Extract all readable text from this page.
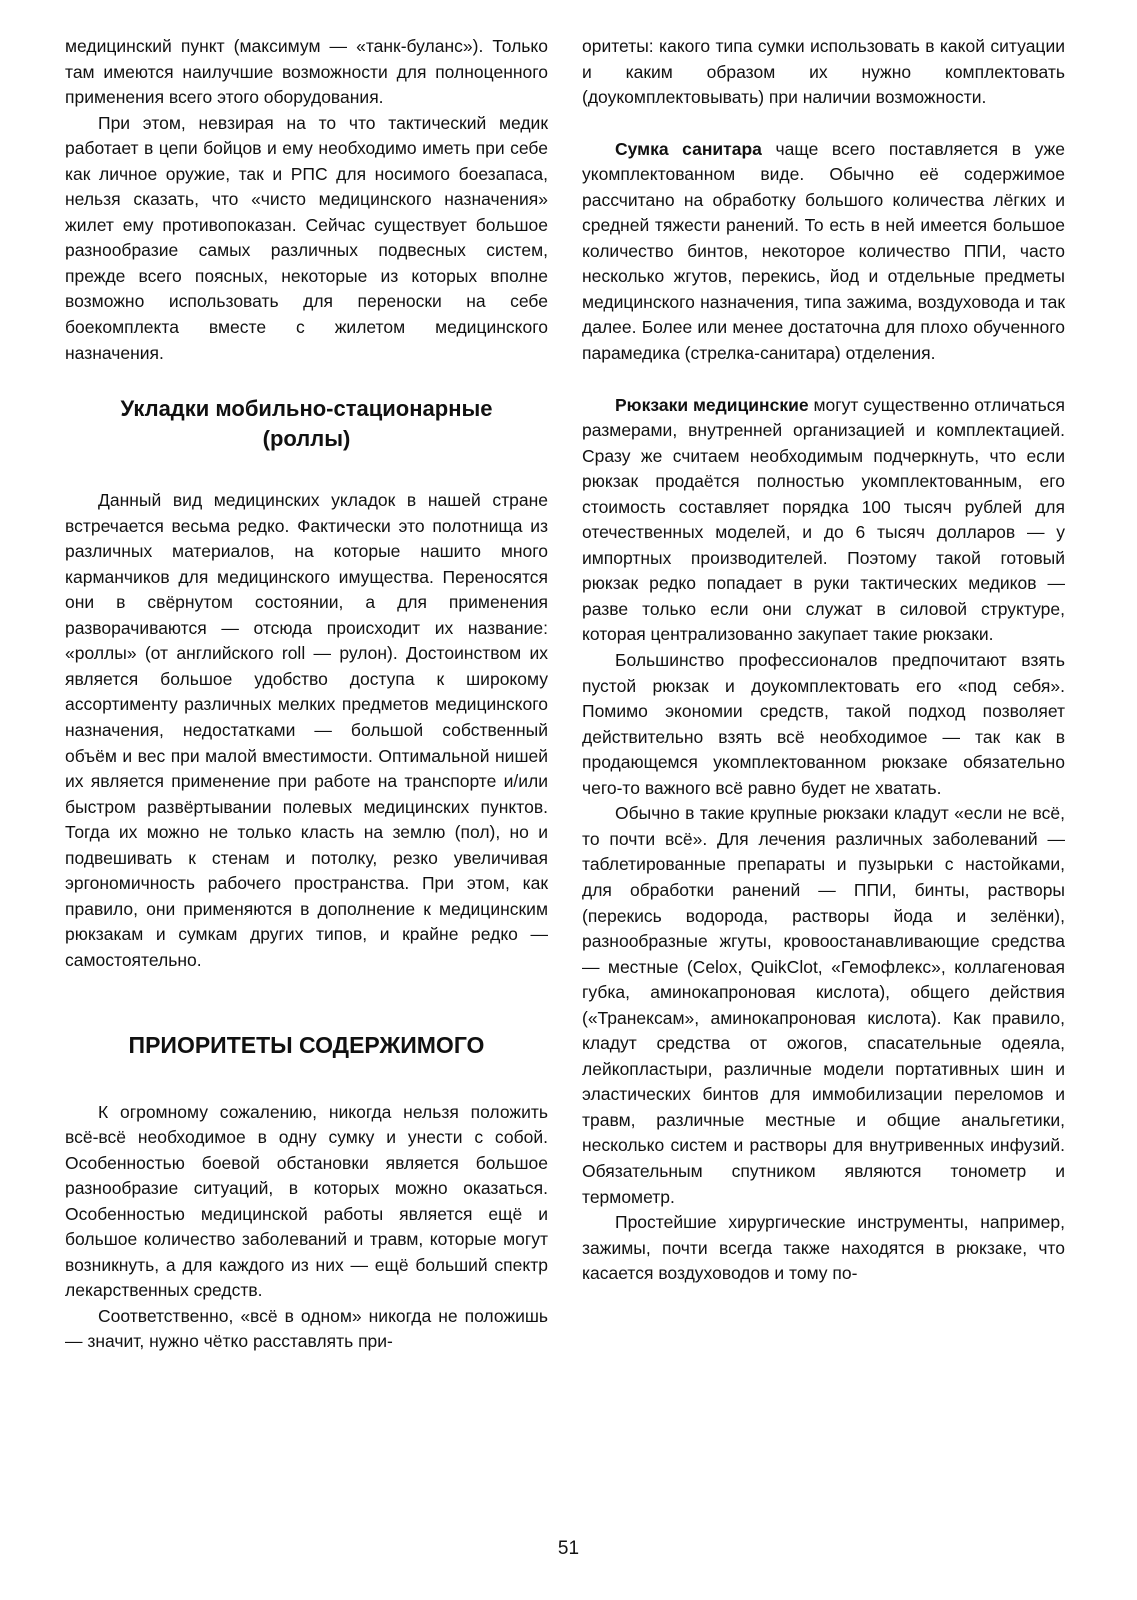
медицинский пункт (максимум — «танк-буланс»). Только там имеются наилучшие возможности для полноценного применения всего этого оборудования.

При этом, невзирая на то что тактический медик работает в цепи бойцов и ему необходимо иметь при себе как личное оружие, так и РПС для носимого боезапаса, нельзя сказать, что «чисто медицинского назначения» жилет ему противопоказан. Сейчас существует большое разнообразие самых различных подвесных систем, прежде всего поясных, некоторые из которых вполне возможно использовать для переноски на себе боекомплекта вместе с жилетом медицинского назначения.

Укладки мобильно-стационарные
(роллы)

Данный вид медицинских укладок в нашей стране встречается весьма редко. Фактически это полотнища из различных материалов, на которые нашито много карманчиков для медицинского имущества. Переносятся они в свёрнутом состоянии, а для применения разворачиваются — отсюда происходит их название: «роллы» (от английского roll — рулон). Достоинством их является большое удобство доступа к широкому ассортименту различных мелких предметов медицинского назначения, недостатками — большой собственный объём и вес при малой вместимости. Оптимальной нишей их является применение при работе на транспорте и/или быстром развёртывании полевых медицинских пунктов. Тогда их можно не только класть на землю (пол), но и подвешивать к стенам и потолку, резко увеличивая эргономичность рабочего пространства. При этом, как правило, они применяются в дополнение к медицинским рюкзакам и сумкам других типов, и крайне редко — самостоятельно.

ПРИОРИТЕТЫ СОДЕРЖИМОГО

К огромному сожалению, никогда нельзя положить всё-всё необходимое в одну сумку и унести с собой. Особенностью боевой обстановки является большое разнообразие ситуаций, в которых можно оказаться. Особенностью медицинской работы является ещё и большое количество заболеваний и травм, которые могут возникнуть, а для каждого из них — ещё больший спектр лекарственных средств.

Соответственно, «всё в одном» никогда не положишь — значит, нужно чётко расставлять при-

оритеты: какого типа сумки использовать в какой ситуации и каким образом их нужно комплектовать (доукомплектовывать) при наличии возможности.

Сумка санитара чаще всего поставляется в уже укомплектованном виде. Обычно её содержимое рассчитано на обработку большого количества лёгких и средней тяжести ранений. То есть в ней имеется большое количество бинтов, некоторое количество ППИ, часто несколько жгутов, перекись, йод и отдельные предметы медицинского назначения, типа зажима, воздуховода и так далее. Более или менее достаточна для плохо обученного парамедика (стрелка-санитара) отделения.

Рюкзаки медицинские могут существенно отличаться размерами, внутренней организацией и комплектацией. Сразу же считаем необходимым подчеркнуть, что если рюкзак продаётся полностью укомплектованным, его стоимость составляет порядка 100 тысяч рублей для отечественных моделей, и до 6 тысяч долларов — у импортных производителей. Поэтому такой готовый рюкзак редко попадает в руки тактических медиков — разве только если они служат в силовой структуре, которая централизованно закупает такие рюкзаки.

Большинство профессионалов предпочитают взять пустой рюкзак и доукомплектовать его «под себя». Помимо экономии средств, такой подход позволяет действительно взять всё необходимое — так как в продающемся укомплектованном рюкзаке обязательно чего-то важного всё равно будет не хватать.

Обычно в такие крупные рюкзаки кладут «если не всё, то почти всё». Для лечения различных заболеваний — таблетированные препараты и пузырьки с настойками, для обработки ранений — ППИ, бинты, растворы (перекись водорода, растворы йода и зелёнки), разнообразные жгуты, кровоостанавливающие средства — местные (Celox, QuikClot, «Гемофлекс», коллагеновая губка, аминокапроновая кислота), общего действия («Транексам», аминокапроновая кислота). Как правило, кладут средства от ожогов, спасательные одеяла, лейкопластыри, различные модели портативных шин и эластических бинтов для иммобилизации переломов и травм, различные местные и общие анальгетики, несколько систем и растворы для внутривенных инфузий. Обязательным спутником являются тонометр и термометр.

Простейшие хирургические инструменты, например, зажимы, почти всегда также находятся в рюкзаке, что касается воздуховодов и тому по-

51
